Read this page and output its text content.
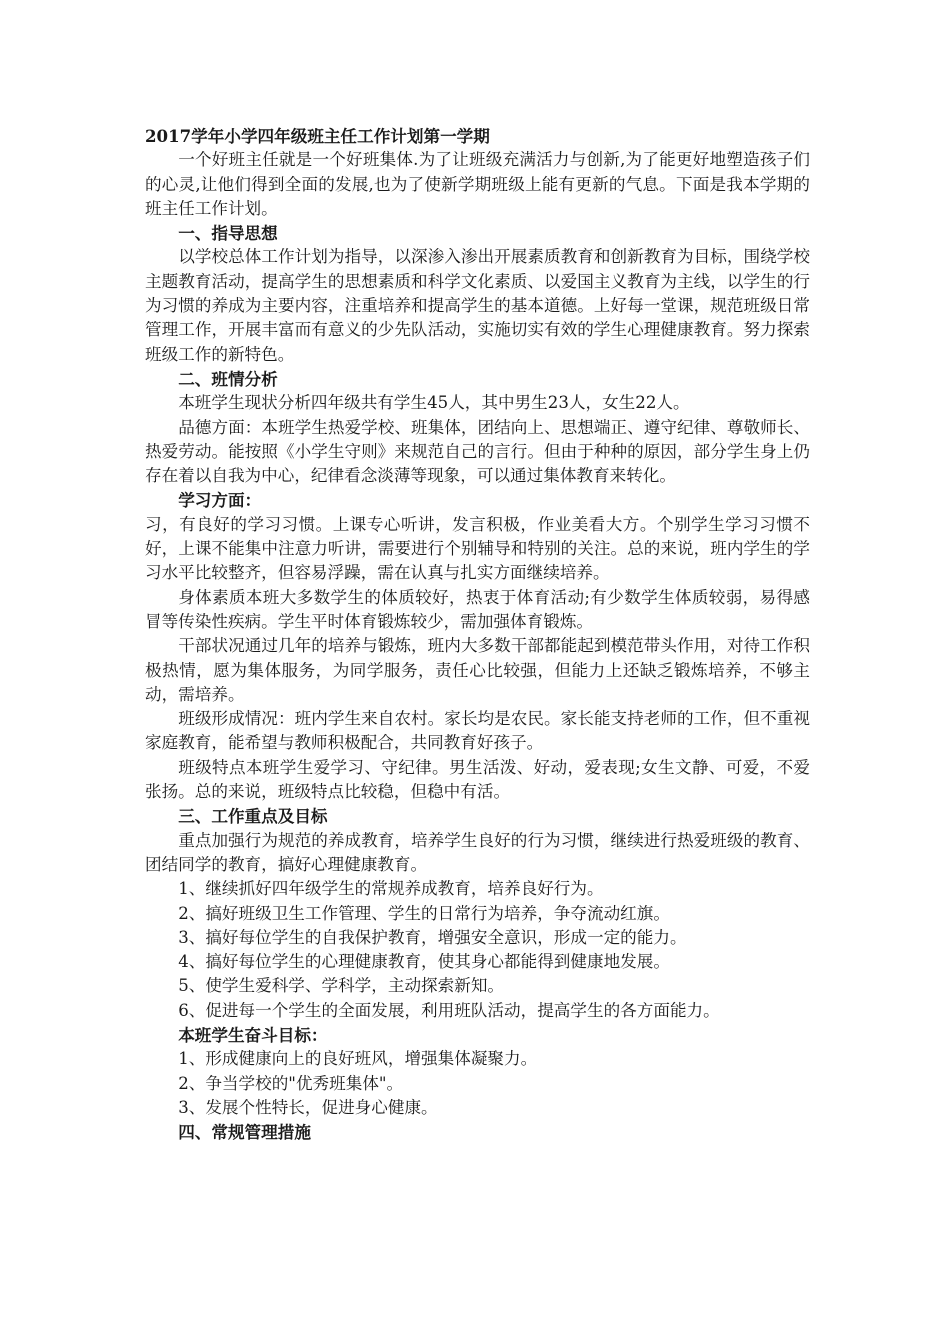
2017学年小学四年级班主任工作计划第一学期

一个好班主任就是一个好班集体.为了让班级充满活力与创新,为了能更好地塑造孩子们的心灵,让他们得到全面的发展,也为了使新学期班级上能有更新的气息。下面是我本学期的班主任工作计划。

一、指导思想

以学校总体工作计划为指导，以深渗入渗出开展素质教育和创新教育为目标，围绕学校主题教育活动，提高学生的思想素质和科学文化素质、以爱国主义教育为主线，以学生的行为习惯的养成为主要内容，注重培养和提高学生的基本道德。上好每一堂课，规范班级日常管理工作，开展丰富而有意义的少先队活动，实施切实有效的学生心理健康教育。努力探索班级工作的新特色。

二、班情分析

本班学生现状分析四年级共有学生45人，其中男生23人，女生22人。

品德方面：本班学生热爱学校、班集体，团结向上、思想端正、遵守纪律、尊敬师长、热爱劳动。能按照《小学生守则》来规范自己的言行。但由于种种的原因，部分学生身上仍存在着以自我为中心，纪律看念淡薄等现象，可以通过集体教育来转化。

学习方面：

习，有良好的学习习惯。上课专心听讲，发言积极，作业美看大方。个别学生学习习惯不好，上课不能集中注意力听讲，需要进行个别辅导和特别的关注。总的来说，班内学生的学习水平比较整齐，但容易浮躁，需在认真与扎实方面继续培养。

身体素质本班大多数学生的体质较好，热衷于体育活动;有少数学生体质较弱，易得感冒等传染性疾病。学生平时体育锻炼较少，需加强体育锻炼。

干部状况通过几年的培养与锻炼，班内大多数干部都能起到模范带头作用，对待工作积极热情，愿为集体服务，为同学服务，责任心比较强，但能力上还缺乏锻炼培养，不够主动，需培养。

班级形成情况：班内学生来自农村。家长均是农民。家长能支持老师的工作，但不重视家庭教育，能希望与教师积极配合，共同教育好孩子。

班级特点本班学生爱学习、守纪律。男生活泼、好动，爱表现;女生文静、可爱，不爱张扬。总的来说，班级特点比较稳，但稳中有活。

三、工作重点及目标

重点加强行为规范的养成教育，培养学生良好的行为习惯，继续进行热爱班级的教育、团结同学的教育，搞好心理健康教育。

1、继续抓好四年级学生的常规养成教育，培养良好行为。

2、搞好班级卫生工作管理、学生的日常行为培养，争夺流动红旗。

3、搞好每位学生的自我保护教育，增强安全意识，形成一定的能力。

4、搞好每位学生的心理健康教育，使其身心都能得到健康地发展。

5、使学生爱科学、学科学，主动探索新知。

6、促进每一个学生的全面发展，利用班队活动，提高学生的各方面能力。

本班学生奋斗目标：

1、形成健康向上的良好班风，增强集体凝聚力。

2、争当学校的"优秀班集体"。

3、发展个性特长，促进身心健康。

四、常规管理措施
